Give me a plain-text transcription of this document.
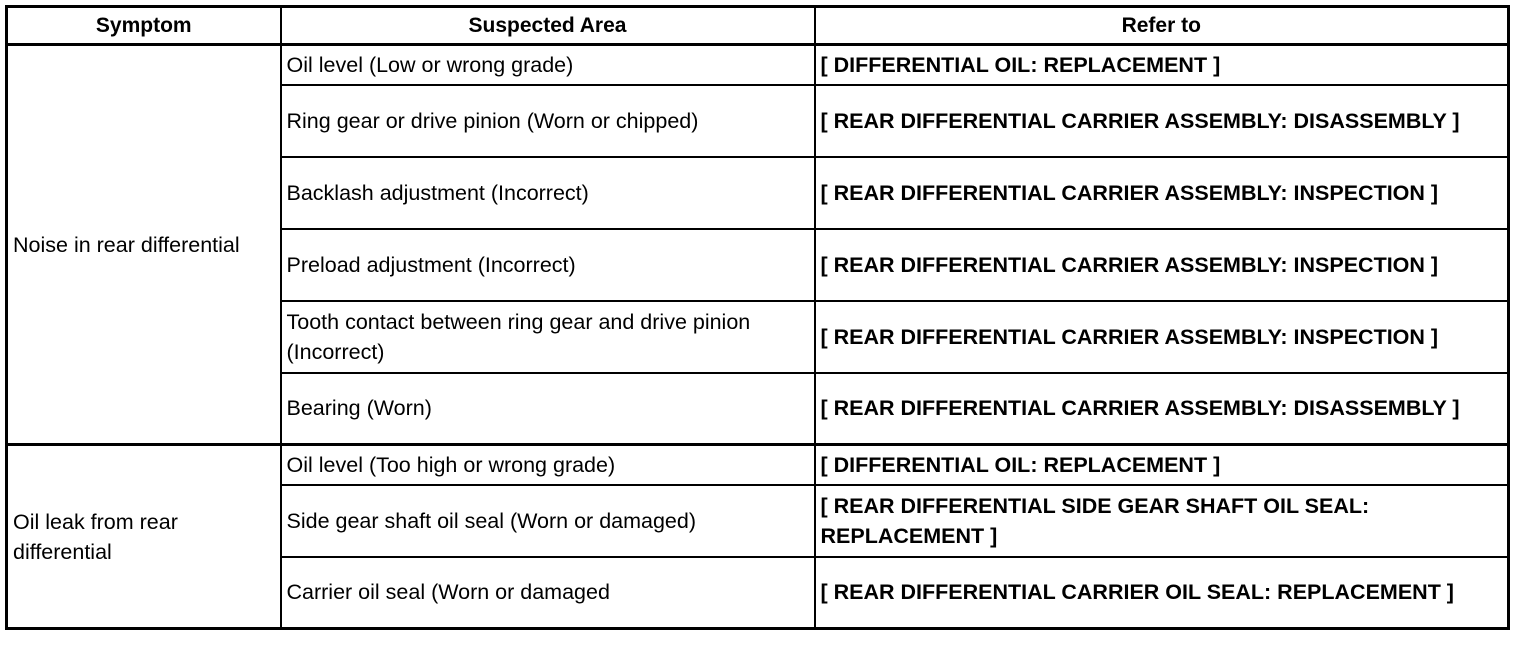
Symptom	Suspected Area	Refer to
Noise in rear differential	Oil level (Low or wrong grade)	[ DIFFERENTIAL OIL: REPLACEMENT ]
	Ring gear or drive pinion (Worn or chipped)	[ REAR DIFFERENTIAL CARRIER ASSEMBLY: DISASSEMBLY ]
	Backlash adjustment (Incorrect)	[ REAR DIFFERENTIAL CARRIER ASSEMBLY: INSPECTION ]
	Preload adjustment (Incorrect)	[ REAR DIFFERENTIAL CARRIER ASSEMBLY: INSPECTION ]
	Tooth contact between ring gear and drive pinion (Incorrect)	[ REAR DIFFERENTIAL CARRIER ASSEMBLY: INSPECTION ]
	Bearing (Worn)	[ REAR DIFFERENTIAL CARRIER ASSEMBLY: DISASSEMBLY ]
Oil leak from rear differential	Oil level (Too high or wrong grade)	[ DIFFERENTIAL OIL: REPLACEMENT ]
	Side gear shaft oil seal (Worn or damaged)	[ REAR DIFFERENTIAL SIDE GEAR SHAFT OIL SEAL: REPLACEMENT ]
	Carrier oil seal (Worn or damaged	[ REAR DIFFERENTIAL CARRIER OIL SEAL: REPLACEMENT ]
